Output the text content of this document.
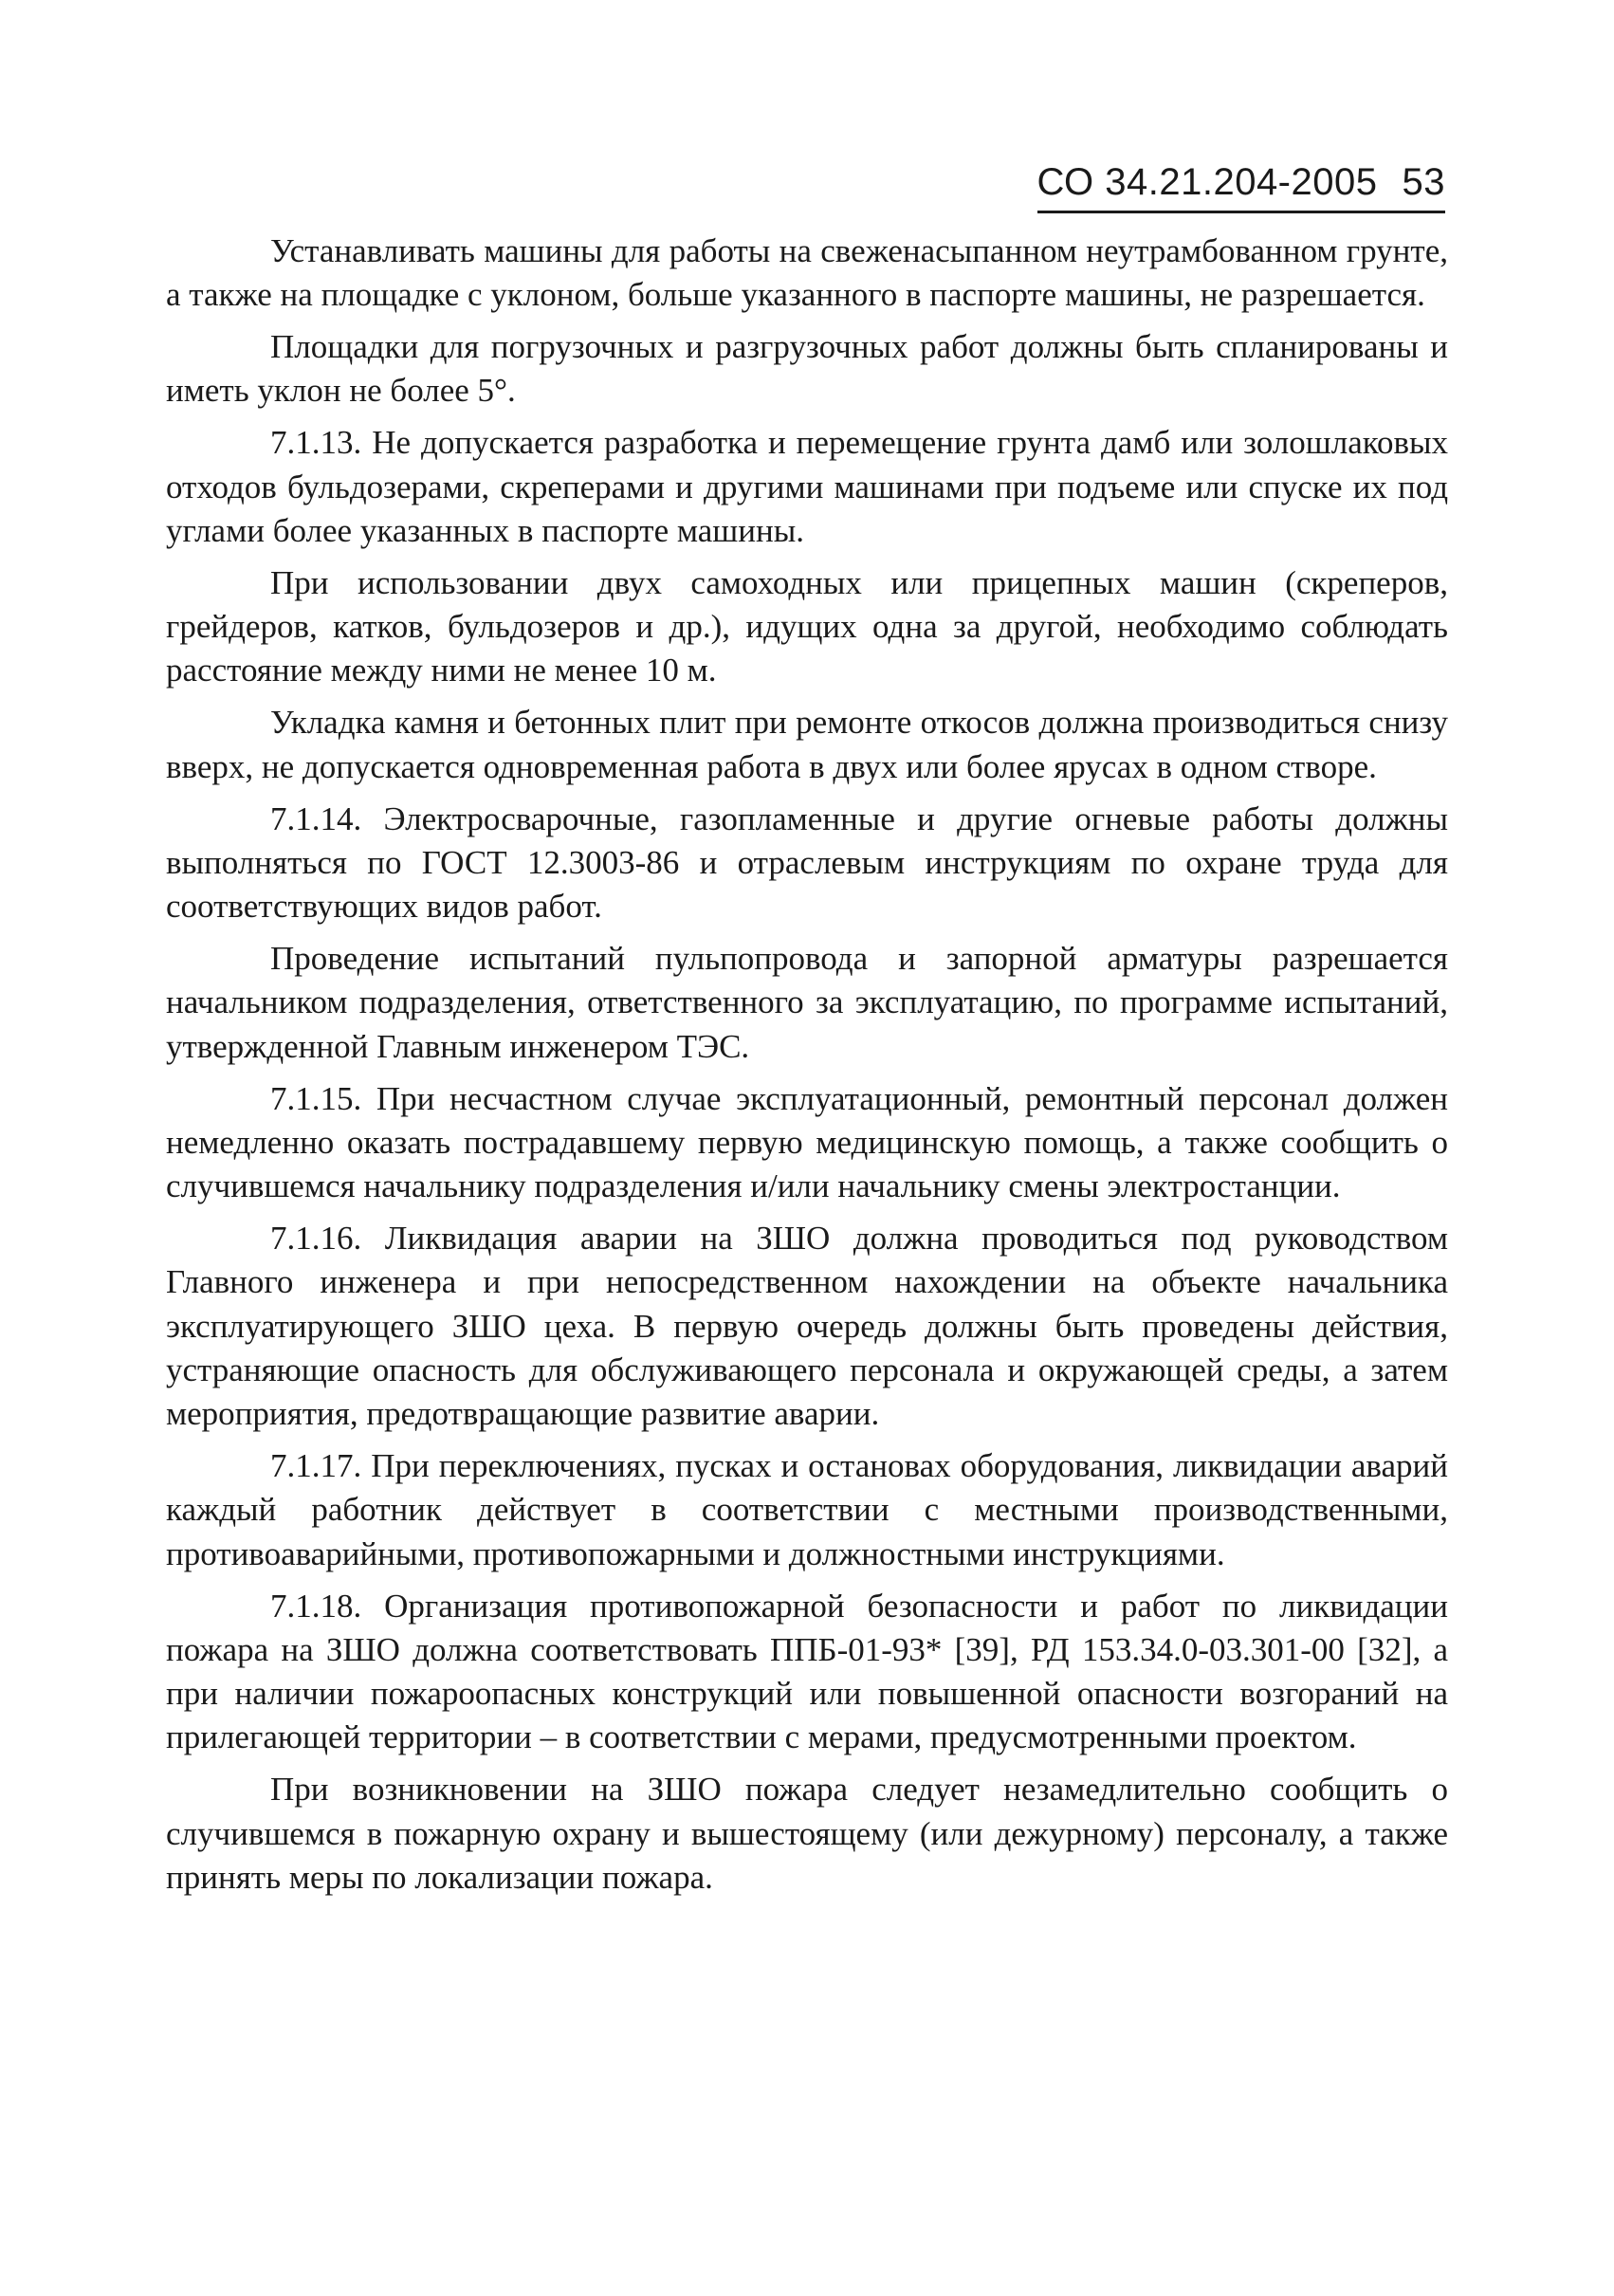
СО 34.21.204-2005 53

Устанавливать машины для работы на свеженасыпанном неутрамбованном грунте, а также на площадке с уклоном, больше указанного в паспорте машины, не разрешается.

Площадки для погрузочных и разгрузочных работ должны быть спланированы и иметь уклон не более 5°.

7.1.13. Не допускается разработка и перемещение грунта дамб или золошлаковых отходов бульдозерами, скреперами и другими машинами при подъеме или спуске их под углами более указанных в паспорте машины.

При использовании двух самоходных или прицепных машин (скреперов, грейдеров, катков, бульдозеров и др.), идущих одна за другой, необходимо соблюдать расстояние между ними не менее 10 м.

Укладка камня и бетонных плит при ремонте откосов должна производиться снизу вверх, не допускается одновременная работа в двух или более ярусах в одном створе.

7.1.14. Электросварочные, газопламенные и другие огневые работы должны выполняться по ГОСТ 12.3003-86 и отраслевым инструкциям по охране труда для соответствующих видов работ.

Проведение испытаний пульпопровода и запорной арматуры разрешается начальником подразделения, ответственного за эксплуатацию, по программе испытаний, утвержденной Главным инженером ТЭС.

7.1.15. При несчастном случае эксплуатационный, ремонтный персонал должен немедленно оказать пострадавшему первую медицинскую помощь, а также сообщить о случившемся начальнику подразделения и/или начальнику смены электростанции.

7.1.16. Ликвидация аварии на ЗШО должна проводиться под руководством Главного инженера и при непосредственном нахождении на объекте начальника эксплуатирующего ЗШО цеха. В первую очередь должны быть проведены действия, устраняющие опасность для обслуживающего персонала и окружающей среды, а затем мероприятия, предотвращающие развитие аварии.

7.1.17. При переключениях, пусках и остановах оборудования, ликвидации аварий каждый работник действует в соответствии с местными производственными, противоаварийными, противопожарными и должностными инструкциями.

7.1.18. Организация противопожарной безопасности и работ по ликвидации пожара на ЗШО должна соответствовать ППБ-01-93* [39], РД 153.34.0-03.301-00 [32], а при наличии пожароопасных конструкций или повышенной опасности возгораний на прилегающей территории – в соответствии с мерами, предусмотренными проектом.

При возникновении на ЗШО пожара следует незамедлительно сообщить о случившемся в пожарную охрану и вышестоящему (или дежурному) персоналу, а также принять меры по локализации пожара.
